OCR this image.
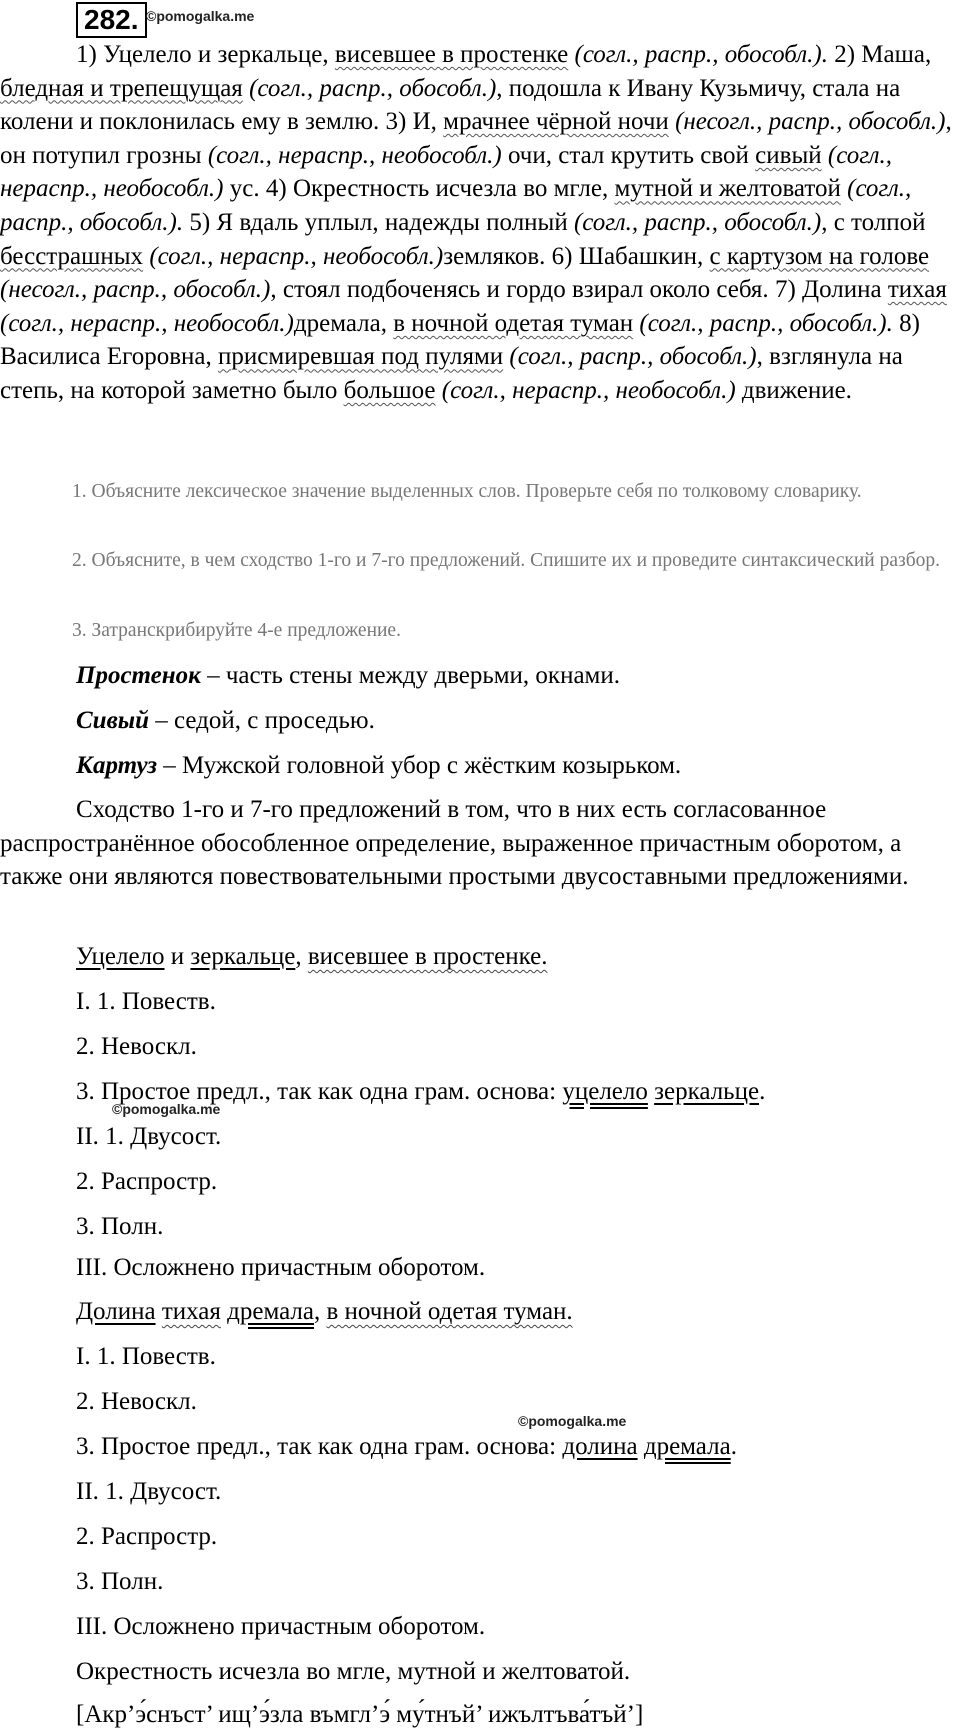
282. ©pomogalka.me
1) Уцелело и зеркальце, висевшее в простенке (согл., распр., обособл.). 2) Маша, бледная и трепещущая (согл., распр., обособл.), подошла к Ивану Кузьмичу, стала на колени и поклонилась ему в землю. 3) И, мрачнее чёрной ночи (несогл., распр., обособл.), он потупил грозны (согл., нераспр., необособл.) очи, стал крутить свой сивый (согл., нераспр., необособл.) ус. 4) Окрестность исчезла во мгле, мутной и желтоватой (согл., распр., обособл.). 5) Я вдаль уплыл, надежды полный (согл., распр., обособл.), с толпой бесстрашных (согл., нераспр., необособл.)земляков. 6) Шабашкин, с картузом на голове (несогл., распр., обособл.), стоял подбоченясь и гордо взирал около себя. 7) Долина тихая (согл., нераспр., необособл.)дремала, в ночной одетая туман (согл., распр., обособл.). 8) Василиса Егоровна, присмиревшая под пулями (согл., распр., обособл.), взглянула на степь, на которой заметно было большое (согл., нераспр., необособл.) движение.
1. Объясните лексическое значение выделенных слов. Проверьте себя по толковому словарику.
2. Объясните, в чем сходство 1-го и 7-го предложений. Спишите их и проведите синтаксический разбор.
3. Затранскрибируйте 4-е предложение.
Простенок – часть стены между дверьми, окнами.
Сивый – седой, с проседью.
Картуз – Мужской головной убор с жёстким козырьком.
Сходство 1-го и 7-го предложений в том, что в них есть согласованное распространённое обособленное определение, выраженное причастным оборотом, а также они являются повествовательными простыми двусоставными предложениями.
Уцелело и зеркальце, висевшее в простенке.
I. 1. Повеств.
2. Невоскл.
3. Простое предл., так как одна грам. основа: уцелело зеркальце.
©pomogalka.me
II. 1. Двусост.
2. Распростр.
3. Полн.
III. Осложнено причастным оборотом.
Долина тихая дремала, в ночной одетая туман.
I. 1. Повеств.
2. Невоскл.
©pomogalka.me
3. Простое предл., так как одна грам. основа: долина дремала.
II. 1. Двусост.
2. Распростр.
3. Полн.
III. Осложнено причастным оборотом.
Окрестность исчезла во мгле, мутной и желтоватой.
[Акр’э́снъст’ ищ’э́зла въмгл’э́ му́тнъй’ ижълтъва́тъй’]
